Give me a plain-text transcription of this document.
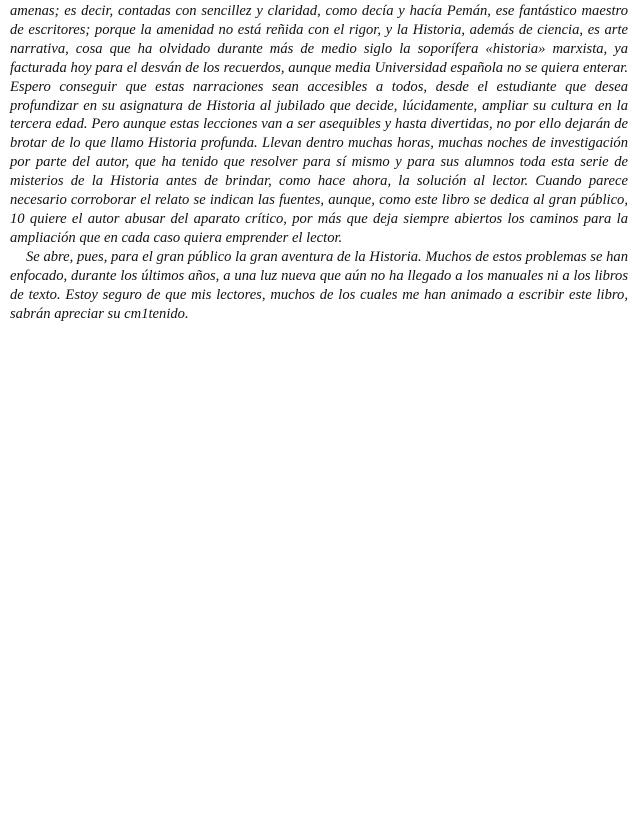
amenas; es decir, contadas con sencillez y claridad, como decía y hacía Pemán, ese fantástico maestro de escritores; porque la amenidad no está reñida con el rigor, y la Historia, además de ciencia, es arte narrativa, cosa que ha olvidado durante más de medio siglo la soporífera «historia» marxista, ya facturada hoy para el desván de los recuerdos, aunque media Universidad española no se quiera enterar. Espero conseguir que estas narraciones sean accesibles a todos, desde el estudiante que desea profundizar en su asignatura de Historia al jubilado que decide, lúcidamente, ampliar su cultura en la tercera edad. Pero aunque estas lecciones van a ser asequibles y hasta divertidas, no por ello dejarán de brotar de lo que llamo Historia profunda. Llevan dentro muchas horas, muchas noches de investigación por parte del autor, que ha tenido que resolver para sí mismo y para sus alumnos toda esta serie de misterios de la Historia antes de brindar, como hace ahora, la solución al lector. Cuando parece necesario corroborar el relato se indican las fuentes, aunque, como este libro se dedica al gran público, 10 quiere el autor abusar del aparato crítico, por más que deja siempre abiertos los caminos para la ampliación que en cada caso quiera emprender el lector.

Se abre, pues, para el gran público la gran aventura de la Historia. Muchos de estos problemas se han enfocado, durante los últimos años, a una luz nueva que aún no ha llegado a los manuales ni a los libros de texto. Estoy seguro de que mis lectores, muchos de los cuales me han animado a escribir este libro, sabrán apreciar su cm1tenido.
